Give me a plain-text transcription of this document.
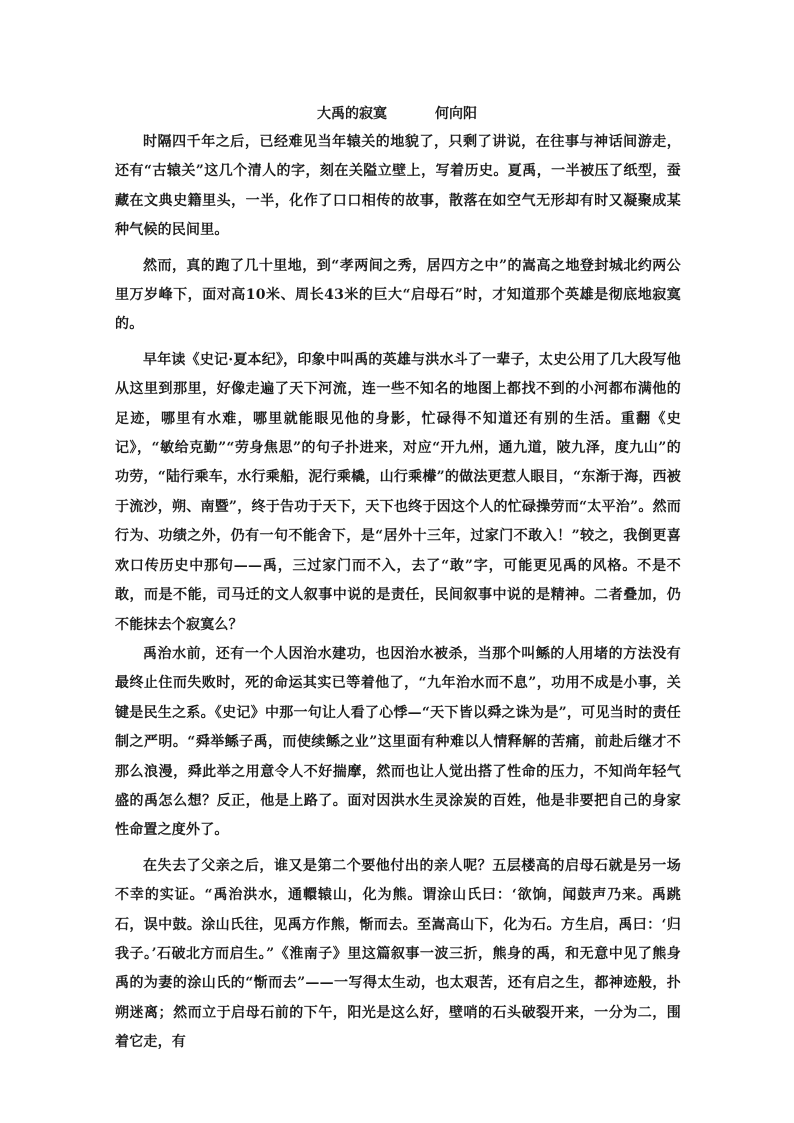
大禹的寂寞	何向阳

时隔四千年之后，已经难见当年辕关的地貌了，只剩了讲说，在往事与神话间游走，还有“古辕关”这几个清人的字，刻在关隘立壁上，写着历史。夏禹，一半被压了纸型，蚕藏在文典史籍里头，一半，化作了口口相传的故事，散落在如空气无形却有时又凝聚成某种气候的民间里。

然而，真的跑了几十里地，到“孝两间之秀，居四方之中”的嵩高之地登封城北约两公里万岁峰下，面对高10米、周长43米的巨大“启母石”时，才知道那个英雄是彻底地寂寞的。

早年读《史记·夏本纪》，印象中叫禹的英雄与洪水斗了一辈子，太史公用了几大段写他从这里到那里，好像走遍了天下河流，连一些不知名的地图上都找不到的小河都布满他的足迹，哪里有水难，哪里就能眼见他的身影，忙碌得不知道还有别的生活。重翻《史记》，“敏给克勤”“劳身焦思”的句子扑进来，对应“开九州，通九道，陂九泽，度九山”的功劳，“陆行乘车，水行乘船，泥行乘橇，山行乘檋”的做法更惹人眼目，“东渐于海，西被于流沙，朔、南暨”，终于告功于天下，天下也终于因这个人的忙碌操劳而“太平治”。然而行为、功绩之外，仍有一句不能舍下，是“居外十三年，过家门不敢入！”较之，我倒更喜欢口传历史中那句——禹，三过家门而不入，去了“敢”字，可能更见禹的风格。不是不敢，而是不能，司马迁的文人叙事中说的是责任，民间叙事中说的是精神。二者叠加，仍不能抹去个寂寞么？

禹治水前，还有一个人因治水建功，也因治水被杀，当那个叫鲧的人用堵的方法没有最终止住而失败时，死的命运其实已等着他了，“九年治水而不息”，功用不成是小事，关键是民生之系。《史记》中那一句让人看了心悸—“天下皆以舜之诛为是”，可见当时的责任制之严明。“舜举鲧子禹，而使续鲧之业”这里面有种难以人情释解的苦痛，前赴后继才不那么浪漫，舜此举之用意令人不好揣摩，然而也让人觉出搭了性命的压力，不知尚年轻气盛的禹怎么想？反正，他是上路了。面对因洪水生灵涂炭的百姓，他是非要把自己的身家性命置之度外了。

在失去了父亲之后，谁又是第二个要他付出的亲人呢？五层楼高的启母石就是另一场不幸的实证。“禹治洪水，通轘辕山，化为熊。谓涂山氏曰：‘欲饷，闻鼓声乃来。禹跳石，误中鼓。涂山氏往，见禹方作熊，惭而去。至嵩高山下，化为石。方生启，禹曰：‘归我子。’石破北方而启生。”《淮南子》里这篇叙事一波三折，熊身的禹，和无意中见了熊身禹的为妻的涂山氏的“惭而去”——一写得太生动，也太艰苦，还有启之生，都神迹般，扑朔迷离；然而立于启母石前的下午，阳光是这么好，壁哨的石头破裂开来，一分为二，围着它走，有
